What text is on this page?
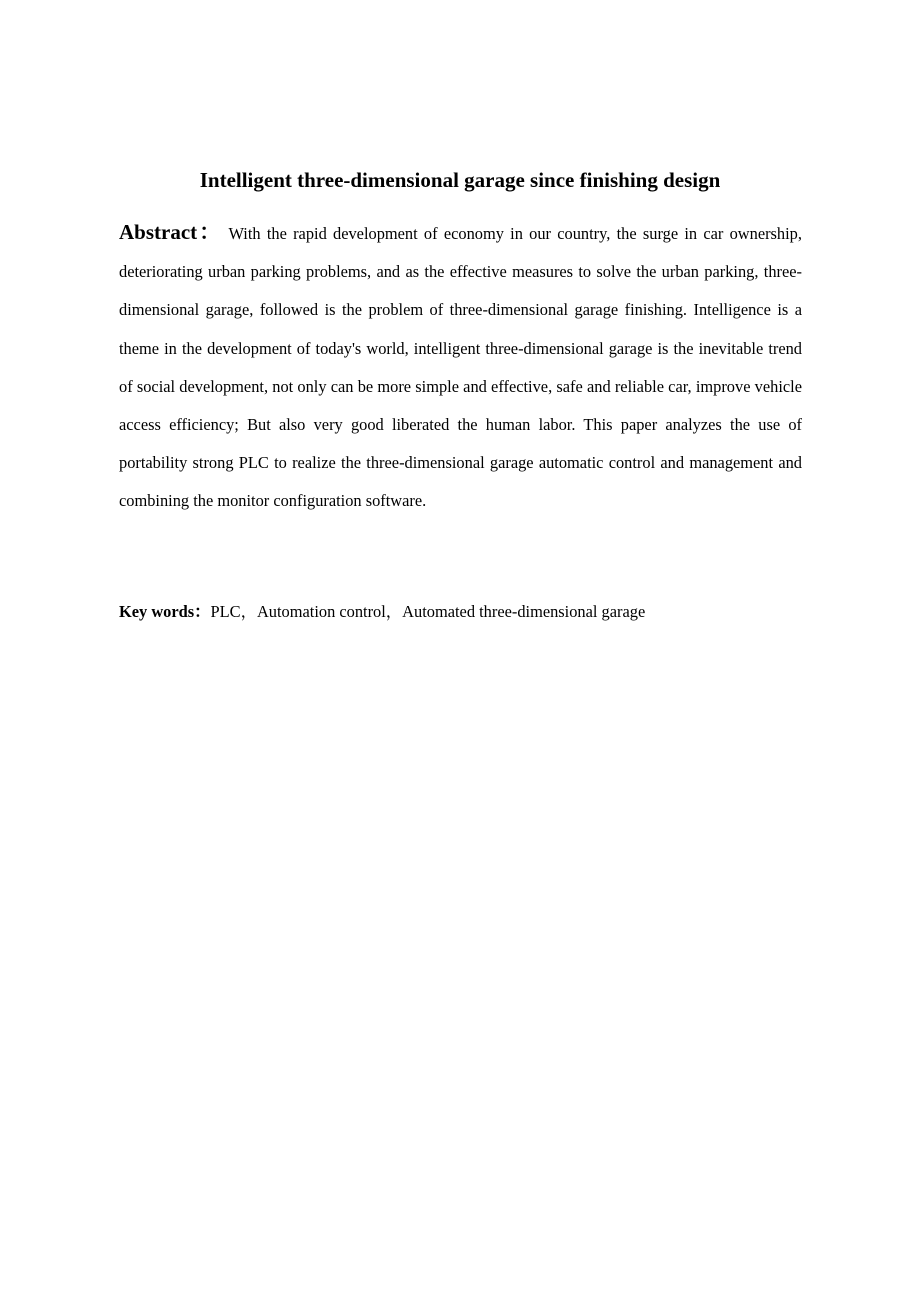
Intelligent three-dimensional garage since finishing design

Abstract： With the rapid development of economy in our country, the surge in car ownership, deteriorating urban parking problems, and as the effective measures to solve the urban parking, three-dimensional garage, followed is the problem of three-dimensional garage finishing. Intelligence is a theme in the development of today's world, intelligent three-dimensional garage is the inevitable trend of social development, not only can be more simple and effective, safe and reliable car, improve vehicle access efficiency; But also very good liberated the human labor. This paper analyzes the use of portability strong PLC to realize the three-dimensional garage automatic control and management and combining the monitor configuration software.

Key words：PLC，Automation control，Automated three-dimensional garage
